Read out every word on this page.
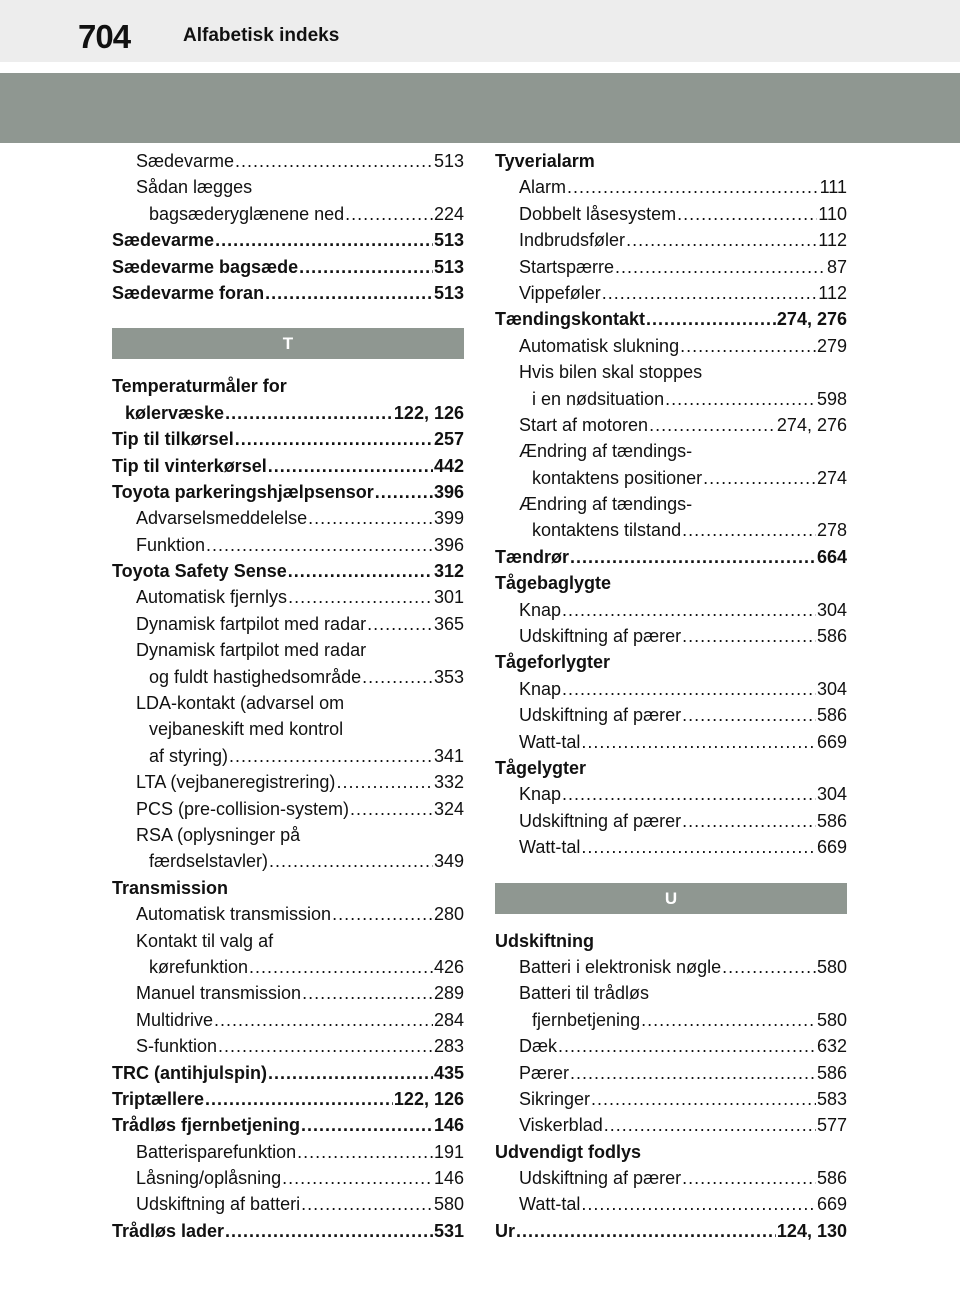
704	Alfabetisk indeks
Sædevarme .....	513
Sådan lægges
bagsæderyglænene ned .....	224
Sædevarme .....	513
Sædevarme bagsæde .....	513
Sædevarme foran .....	513
T
Temperaturmåler for
kølervæske .....	122, 126
Tip til tilkørsel .....	257
Tip til vinterkørsel .....	442
Toyota parkeringshjælpsensor .....	396
Advarselsmeddelelse .....	399
Funktion .....	396
Toyota Safety Sense .....	312
Automatisk fjernlys .....	301
Dynamisk fartpilot med radar .....	365
Dynamisk fartpilot med radar
og fuldt hastighedsområde .....	353
LDA-kontakt (advarsel om
vejbaneskift med kontrol
af styring) .....	341
LTA (vejbaneregistrering) .....	332
PCS (pre-collision-system) .....	324
RSA (oplysninger på
færdselstavler) .....	349
Transmission
Automatisk transmission .....	280
Kontakt til valg af
kørefunktion .....	426
Manuel transmission .....	289
Multidrive .....	284
S-funktion .....	283
TRC (antihjulspin) .....	435
Triptællere .....	122, 126
Trådløs fjernbetjening .....	146
Batterisparefunktion .....	191
Låsning/oplåsning .....	146
Udskiftning af batteri .....	580
Trådløs lader .....	531
Tyverialarm
Alarm .....	111
Dobbelt låsesystem .....	110
Indbrudsføler .....	112
Startspærre .....	87
Vippeføler .....	112
Tændingskontakt .....	274, 276
Automatisk slukning .....	279
Hvis bilen skal stoppes
i en nødsituation .....	598
Start af motoren .....	274, 276
Ændring af tændings-
kontaktens positioner .....	274
Ændring af tændings-
kontaktens tilstand .....	278
Tændrør .....	664
Tågebaglygte
Knap .....	304
Udskiftning af pærer .....	586
Tågeforlygter
Knap .....	304
Udskiftning af pærer .....	586
Watt-tal .....	669
Tågelygter
Knap .....	304
Udskiftning af pærer .....	586
Watt-tal .....	669
U
Udskiftning
Batteri i elektronisk nøgle .....	580
Batteri til trådløs
fjernbetjening .....	580
Dæk .....	632
Pærer .....	586
Sikringer .....	583
Viskerblad .....	577
Udvendigt fodlys
Udskiftning af pærer .....	586
Watt-tal .....	669
Ur .....	124, 130
